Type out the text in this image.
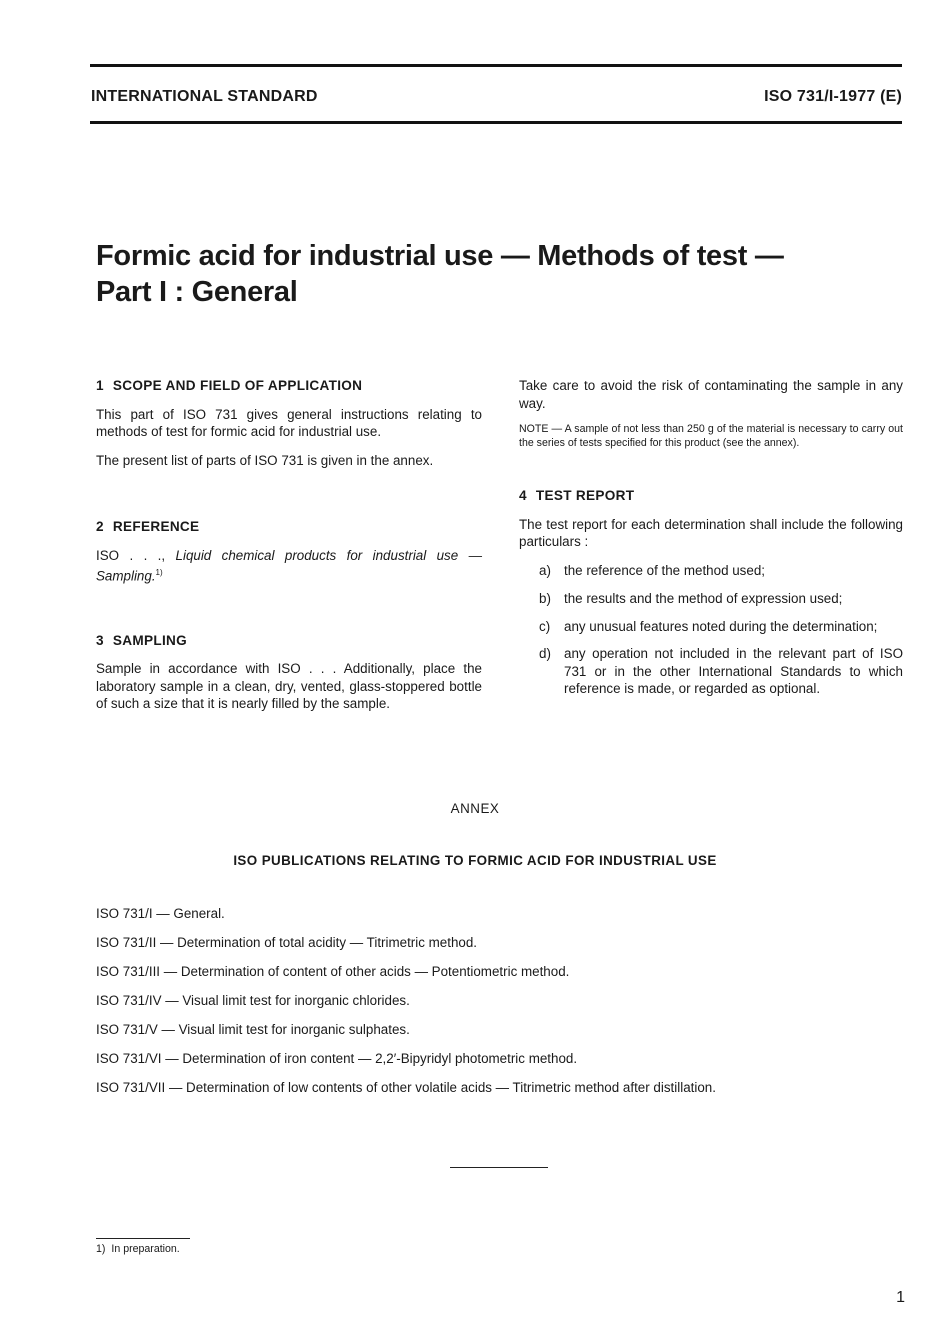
INTERNATIONAL STANDARD	ISO 731/I-1977 (E)
Formic acid for industrial use — Methods of test —
Part I : General
1 SCOPE AND FIELD OF APPLICATION

This part of ISO 731 gives general instructions relating to methods of test for formic acid for industrial use.

The present list of parts of ISO 731 is given in the annex.

2 REFERENCE

ISO . . ., Liquid chemical products for industrial use — Sampling.$^{1)}$

3 SAMPLING

Sample in accordance with ISO . . . Additionally, place the laboratory sample in a clean, dry, vented, glass-stoppered bottle of such a size that it is nearly filled by the sample.

Take care to avoid the risk of contaminating the sample in any way.

NOTE — A sample of not less than 250 g of the material is necessary to carry out the series of tests specified for this product (see the annex).

4 TEST REPORT

The test report for each determination shall include the following particulars :

a) the reference of the method used;
b) the results and the method of expression used;
c)	any unusual features noted during the determination;
d) any operation not included in the relevant part of ISO 731 or in the other International Standards to which reference is made, or regarded as optional.
ANNEX
ISO PUBLICATIONS RELATING TO FORMIC ACID FOR INDUSTRIAL USE
ISO 731/I — General.
ISO 731/II — Determination of total acidity — Titrimetric method.
ISO 731/III — Determination of content of other acids — Potentiometric method.
ISO 731/IV — Visual limit test for inorganic chlorides.
ISO 731/V — Visual limit test for inorganic sulphates.
ISO 731/VI — Determination of iron content — 2,2′-Bipyridyl photometric method.
ISO 731/VII — Determination of low contents of other volatile acids — Titrimetric method after distillation.
1) In preparation.
1
